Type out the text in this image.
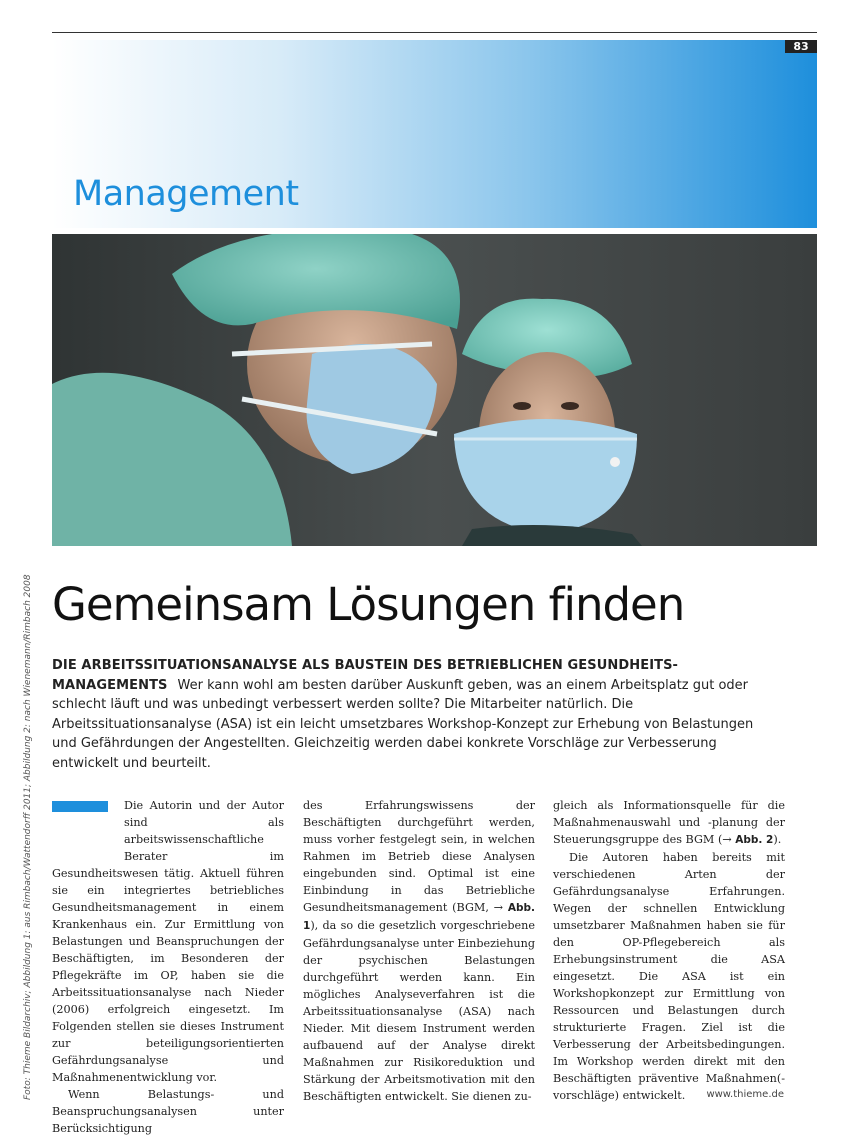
83
Management
Foto: Thieme Bildarchiv; Abbildung 1: aus Rimbach/Wattendorff 2011; Abbildung 2: nach Wienemann/Rimbach 2008 Gemeinsam Lösungen finden
DIE ARBEITSSITUATIONSANALYSE ALS BAUSTEIN DES BETRIEBLICHEN GESUNDHEITS-MANAGEMENTS Wer kann wohl am besten darüber Auskunft geben, was an einem Arbeitsplatz gut oder schlecht läuft und was unbedingt verbessert werden sollte? Die Mitarbeiter natürlich. Die Arbeitssituationsanalyse (ASA) ist ein leicht umsetzbares Workshop-Konzept zur Erhebung von Belastungen und Gefährdungen der Angestellten. Gleichzeitig werden dabei konkrete Vorschläge zur Verbesserung entwickelt und beurteilt.

Die Autorin und der Autor sind als arbeitswissenschaftliche Berater im Gesundheitswesen tätig. Aktuell führen sie ein integriertes betriebliches Gesundheitsmanagement in einem Krankenhaus ein. Zur Ermittlung von Belastungen und Beanspruchungen der Beschäftigten, im Besonderen der Pflegekräfte im OP, haben sie die Arbeitssituationsanalyse nach Nieder (2006) erfolgreich eingesetzt. Im Folgenden stellen sie dieses Instrument zur beteiligungsorientierten Gefährdungsanalyse und Maßnahmenentwicklung vor.

Wenn Belastungs- und Beanspruchungsanalysen unter Berücksichtigung

des Erfahrungswissens der Beschäftigten durchgeführt werden, muss vorher festgelegt sein, in welchen Rahmen im Betrieb diese Analysen eingebunden sind. Optimal ist eine Einbindung in das Betriebliche Gesundheitsmanagement (BGM, → Abb. 1), da so die gesetzlich vorgeschriebene Gefährdungsanalyse unter Einbeziehung der psychischen Belastungen durchgeführt werden kann. Ein mögliches Analyseverfahren ist die Arbeitssituationsanalyse (ASA) nach Nieder. Mit diesem Instrument werden aufbauend auf der Analyse direkt Maßnahmen zur Risikoreduktion und Stärkung der Arbeitsmotivation mit den Beschäftigten entwickelt. Sie dienen zu-

gleich als Informationsquelle für die Maßnahmenauswahl und -planung der Steuerungsgruppe des BGM (→ Abb. 2).

Die Autoren haben bereits mit verschiedenen Arten der Gefährdungsanalyse Erfahrungen. Wegen der schnellen Entwicklung umsetzbarer Maßnahmen haben sie für den OP-Pflegebereich als Erhebungsinstrument die ASA eingesetzt. Die ASA ist ein Workshopkonzept zur Ermittlung von Ressourcen und Belastungen durch strukturierte Fragen. Ziel ist die Verbesserung der Arbeitsbedingungen. Im Workshop werden direkt mit den Beschäftigten präventive Maßnahmen(-vorschläge) entwickelt.	www.thieme.de
